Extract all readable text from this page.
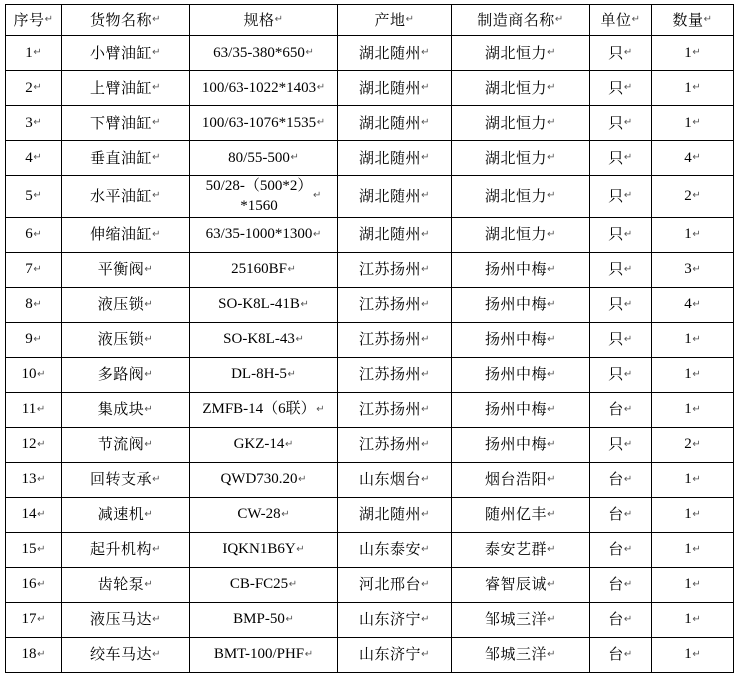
序号 ↵	货物名称 ↵	规格 ↵	产地 ↵	制造商名称 ↵	单位 ↵	数量 ↵

1 ↵	小臂油缸 ↵	63/35-380*650 ↵	湖北随州 ↵	湖北恒力 ↵	只 ↵	1 ↵

2 ↵	上臂油缸 ↵	100/63-1022*1403 ↵	湖北随州 ↵	湖北恒力 ↵	只 ↵	1 ↵

3 ↵	下臂油缸 ↵	100/63-1076*1535 ↵	湖北随州 ↵	湖北恒力 ↵	只 ↵	1 ↵

4 ↵	垂直油缸 ↵	80/55-500 ↵	湖北随州 ↵	湖北恒力 ↵	只 ↵	4 ↵

5 ↵	水平油缸 ↵	50/28-（500*2）
*1560
↵	湖北随州 ↵	湖北恒力 ↵	只 ↵	2 ↵

6 ↵	伸缩油缸 ↵	63/35-1000*1300 ↵	湖北随州 ↵	湖北恒力 ↵	只 ↵	1 ↵

7 ↵	平衡阀 ↵	25160BF ↵	江苏扬州 ↵	扬州中梅 ↵	只 ↵	3 ↵

8 ↵	液压锁 ↵	SO-K8L-41B ↵	江苏扬州 ↵	扬州中梅 ↵	只 ↵	4 ↵

9 ↵	液压锁 ↵	SO-K8L-43 ↵	江苏扬州 ↵	扬州中梅 ↵	只 ↵	1 ↵

10 ↵	多路阀 ↵	DL-8H-5 ↵	江苏扬州 ↵	扬州中梅 ↵	只 ↵	1 ↵

11 ↵	集成块 ↵	ZMFB-14（6联） ↵	江苏扬州 ↵	扬州中梅 ↵	台 ↵	1 ↵

12 ↵	节流阀 ↵	GKZ-14 ↵	江苏扬州 ↵	扬州中梅 ↵	只 ↵	2 ↵

13 ↵	回转支承 ↵	QWD730.20 ↵	山东烟台 ↵	烟台浩阳 ↵	台 ↵	1 ↵

14 ↵	减速机 ↵	CW-28 ↵	湖北随州 ↵	随州亿丰 ↵	台 ↵	1 ↵

15 ↵	起升机构 ↵	IQKN1B6Y ↵	山东泰安 ↵	泰安艺群 ↵	台 ↵	1 ↵

16 ↵	齿轮泵 ↵	CB-FC25 ↵	河北邢台 ↵	睿智辰诚 ↵	台 ↵	1 ↵

17 ↵	液压马达 ↵	BMP-50 ↵	山东济宁 ↵	邹城三洋 ↵	台 ↵	1 ↵

18 ↵	绞车马达 ↵	BMT-100/PHF ↵	山东济宁 ↵	邹城三洋 ↵	台 ↵	1 ↵
